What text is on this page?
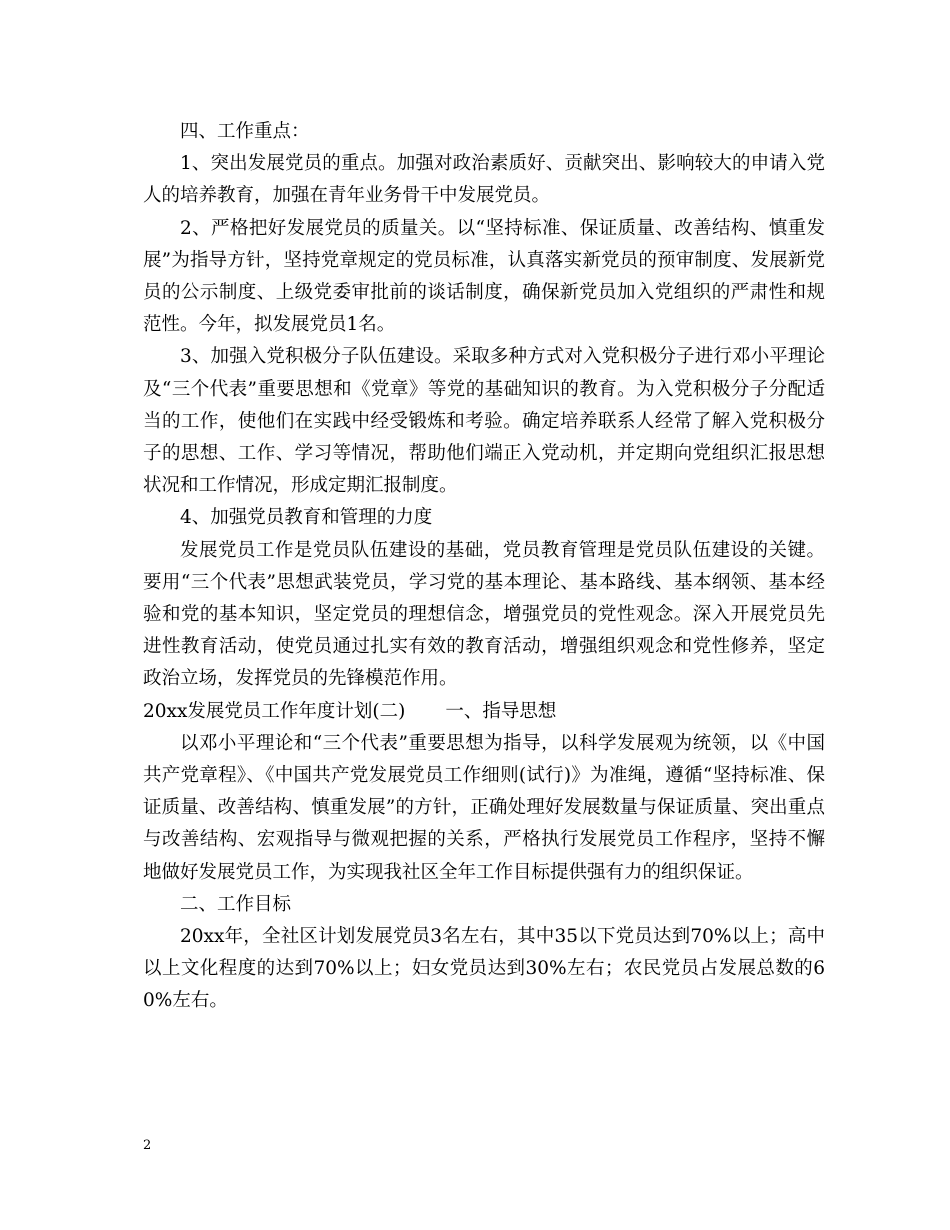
四、工作重点：

1、突出发展党员的重点。加强对政治素质好、贡献突出、影响较大的申请入党人的培养教育，加强在青年业务骨干中发展党员。

2、严格把好发展党员的质量关。以“坚持标准、保证质量、改善结构、慎重发展”为指导方针，坚持党章规定的党员标准，认真落实新党员的预审制度、发展新党员的公示制度、上级党委审批前的谈话制度，确保新党员加入党组织的严肃性和规范性。今年，拟发展党员1名。

3、加强入党积极分子队伍建设。采取多种方式对入党积极分子进行邓小平理论及“三个代表”重要思想和《党章》等党的基础知识的教育。为入党积极分子分配适当的工作，使他们在实践中经受锻炼和考验。确定培养联系人经常了解入党积极分子的思想、工作、学习等情况，帮助他们端正入党动机，并定期向党组织汇报思想状况和工作情况，形成定期汇报制度。

4、加强党员教育和管理的力度

发展党员工作是党员队伍建设的基础，党员教育管理是党员队伍建设的关键。要用“三个代表”思想武装党员，学习党的基本理论、基本路线、基本纲领、基本经验和党的基本知识，坚定党员的理想信念，增强党员的党性观念。深入开展党员先进性教育活动，使党员通过扎实有效的教育活动，增强组织观念和党性修养，坚定政治立场，发挥党员的先锋模范作用。

20xx发展党员工作年度计划(二) 一、指导思想

以邓小平理论和“三个代表”重要思想为指导，以科学发展观为统领，以《中国共产党章程》、《中国共产党发展党员工作细则(试行)》为准绳，遵循“坚持标准、保证质量、改善结构、慎重发展”的方针，正确处理好发展数量与保证质量、突出重点与改善结构、宏观指导与微观把握的关系，严格执行发展党员工作程序，坚持不懈地做好发展党员工作，为实现我社区全年工作目标提供强有力的组织保证。

二、工作目标

20xx年，全社区计划发展党员3名左右，其中35以下党员达到70%以上；高中以上文化程度的达到70%以上；妇女党员达到30%左右；农民党员占发展总数的60%左右。

2
